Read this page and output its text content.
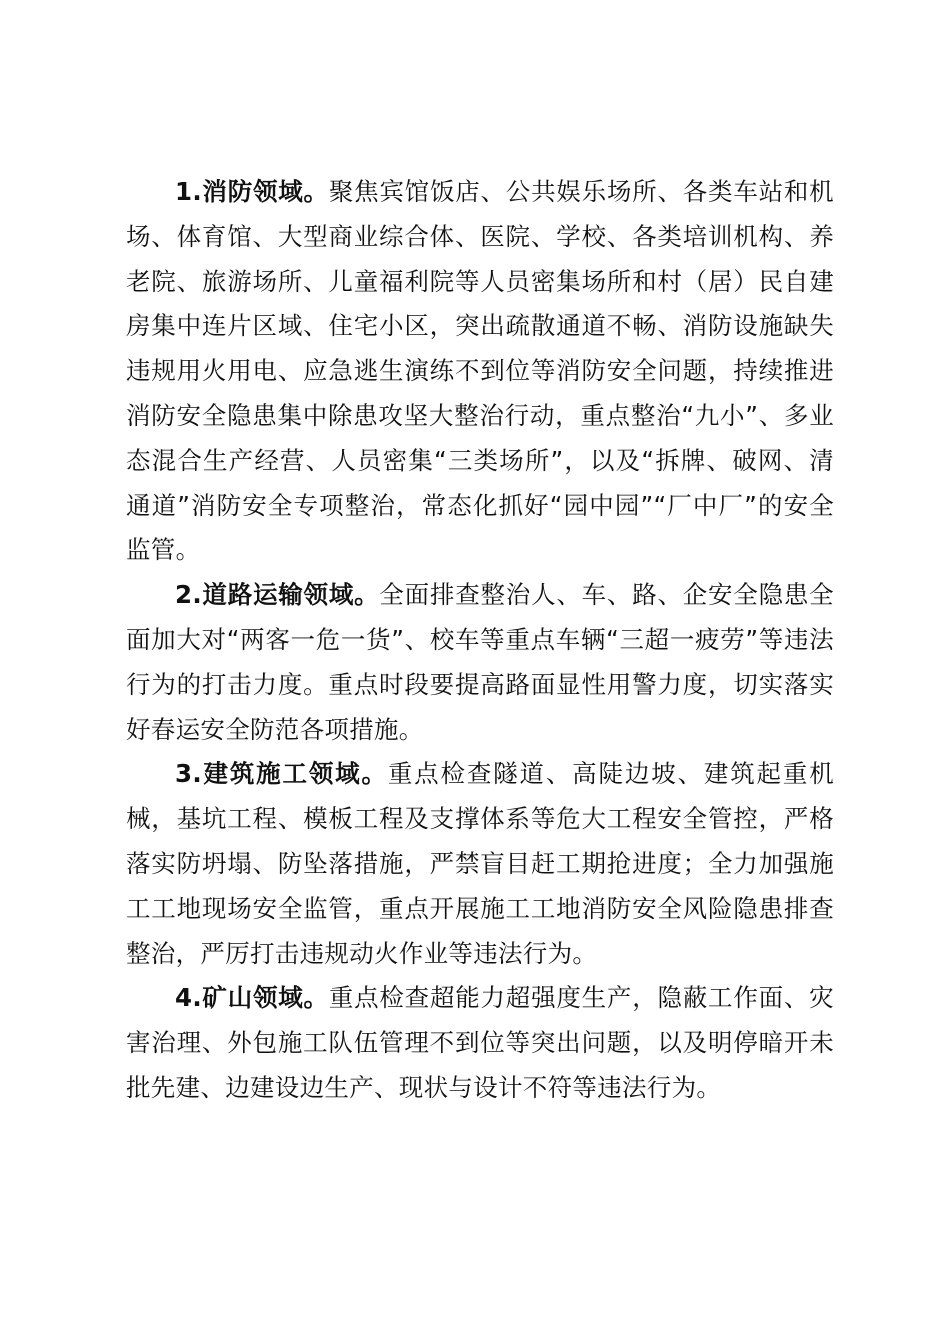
1.消防领域。聚焦宾馆饭店、公共娱乐场所、各类车站和机场、体育馆、大型商业综合体、医院、学校、各类培训机构、养老院、旅游场所、儿童福利院等人员密集场所和村（居）民自建房集中连片区域、住宅小区，突出疏散通道不畅、消防设施缺失违规用火用电、应急逃生演练不到位等消防安全问题，持续推进消防安全隐患集中除患攻坚大整治行动，重点整治“九小”、多业态混合生产经营、人员密集“三类场所”，以及“拆牌、破网、清通道”消防安全专项整治，常态化抓好“园中园”“厂中厂”的安全监管。

2.道路运输领域。全面排查整治人、车、路、企安全隐患全面加大对“两客一危一货”、校车等重点车辆“三超一疲劳”等违法行为的打击力度。重点时段要提高路面显性用警力度，切实落实好春运安全防范各项措施。

3.建筑施工领域。重点检查隧道、高陡边坡、建筑起重机械，基坑工程、模板工程及支撑体系等危大工程安全管控，严格落实防坍塌、防坠落措施，严禁盲目赶工期抢进度；全力加强施工工地现场安全监管，重点开展施工工地消防安全风险隐患排查整治，严厉打击违规动火作业等违法行为。

4.矿山领域。重点检查超能力超强度生产，隐蔽工作面、灾害治理、外包施工队伍管理不到位等突出问题，以及明停暗开未批先建、边建设边生产、现状与设计不符等违法行为。
